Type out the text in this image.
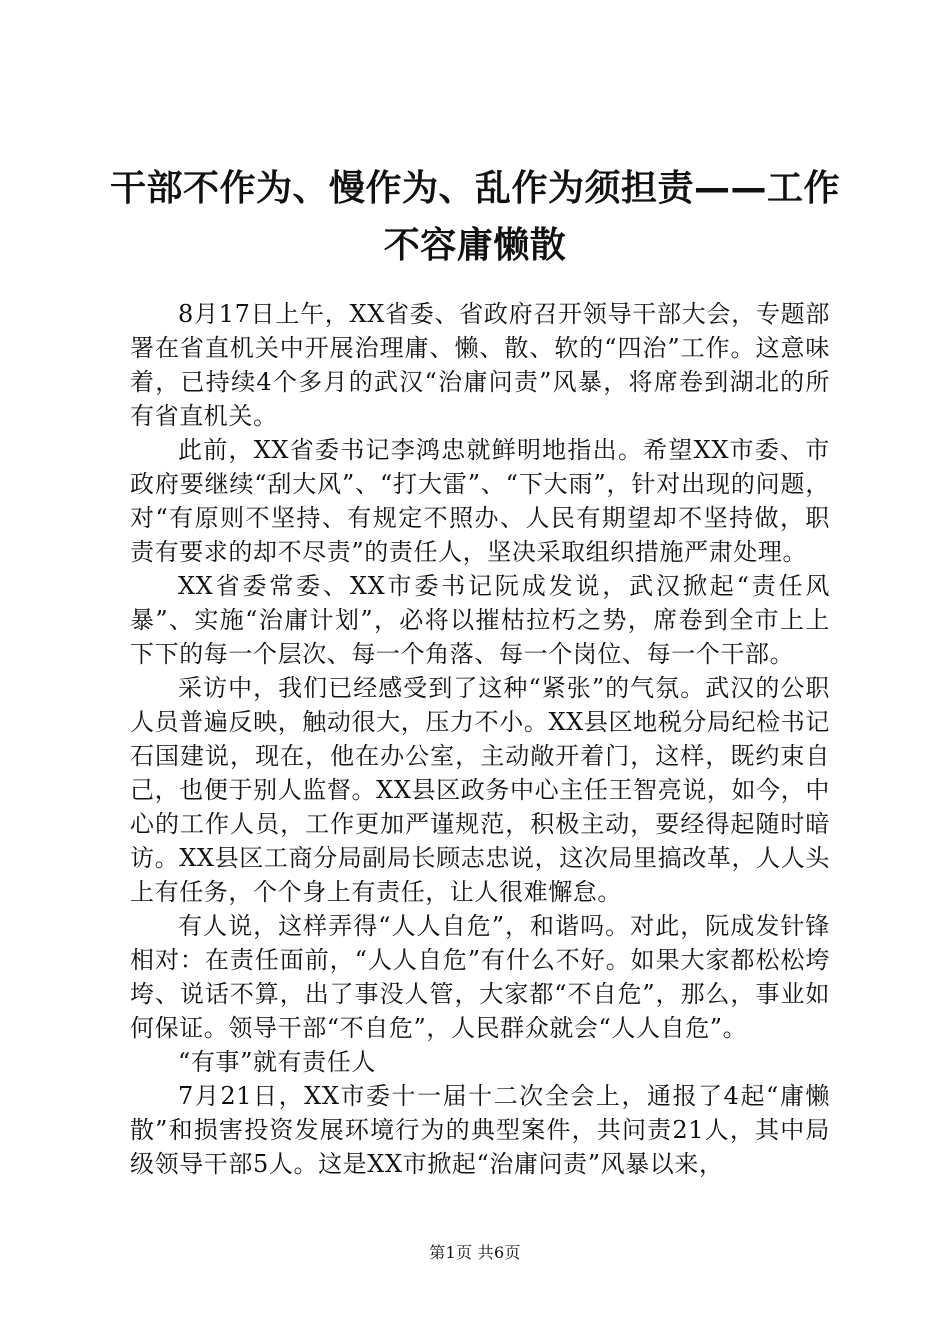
干部不作为、慢作为、乱作为须担责——工作不容庸懒散

8月17日上午，XX省委、省政府召开领导干部大会，专题部署在省直机关中开展治理庸、懒、散、软的“四治”工作。这意味着，已持续4个多月的武汉“治庸问责”风暴，将席卷到湖北的所有省直机关。

此前，XX省委书记李鸿忠就鲜明地指出。希望XX市委、市政府要继续“刮大风”、“打大雷”、“下大雨”，针对出现的问题，对“有原则不坚持、有规定不照办、人民有期望却不坚持做，职责有要求的却不尽责”的责任人，坚决采取组织措施严肃处理。

XX省委常委、XX市委书记阮成发说，武汉掀起“责任风暴”、实施“治庸计划”，必将以摧枯拉朽之势，席卷到全市上上下下的每一个层次、每一个角落、每一个岗位、每一个干部。

采访中，我们已经感受到了这种“紧张”的气氛。武汉的公职人员普遍反映，触动很大，压力不小。XX县区地税分局纪检书记石国建说，现在，他在办公室，主动敞开着门，这样，既约束自己，也便于别人监督。XX县区政务中心主任王智亮说，如今，中心的工作人员，工作更加严谨规范，积极主动，要经得起随时暗访。XX县区工商分局副局长顾志忠说，这次局里搞改革，人人头上有任务，个个身上有责任，让人很难懈怠。

有人说，这样弄得“人人自危”，和谐吗。对此，阮成发针锋相对：在责任面前，“人人自危”有什么不好。如果大家都松松垮垮、说话不算，出了事没人管，大家都“不自危”，那么，事业如何保证。领导干部“不自危”，人民群众就会“人人自危”。

“有事”就有责任人

7月21日，XX市委十一届十二次全会上，通报了4起“庸懒散”和损害投资发展环境行为的典型案件，共问责21人，其中局级领导干部5人。这是XX市掀起“治庸问责”风暴以来，

第1页 共6页
